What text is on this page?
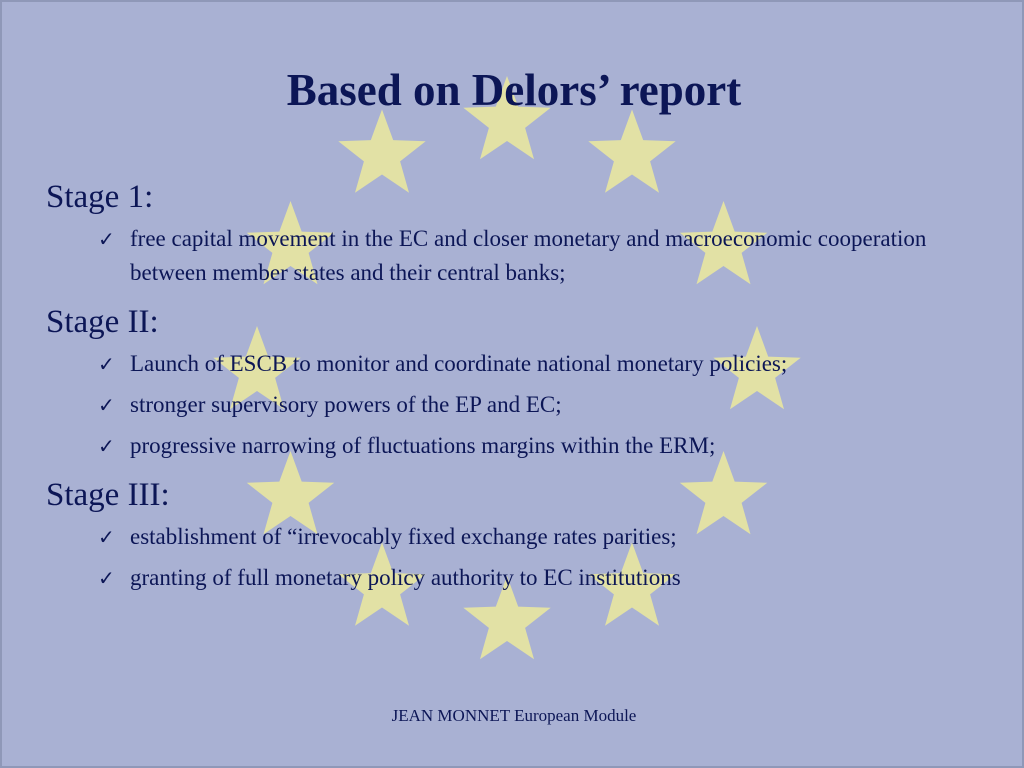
Based on Delors’ report

Stage 1:

✓ free capital movement in the EC and closer monetary and macroeconomic cooperation between member states and their central banks;

Stage II:

✓ Launch of ESCB to monitor and coordinate national monetary policies;
✓ stronger supervisory powers of the EP and EC;
✓ progressive narrowing of fluctuations margins within the ERM;

Stage III:

✓ establishment of “irrevocably fixed exchange rates parities;
✓ granting of full monetary policy authority to EC institutions
JEAN MONNET European Module
